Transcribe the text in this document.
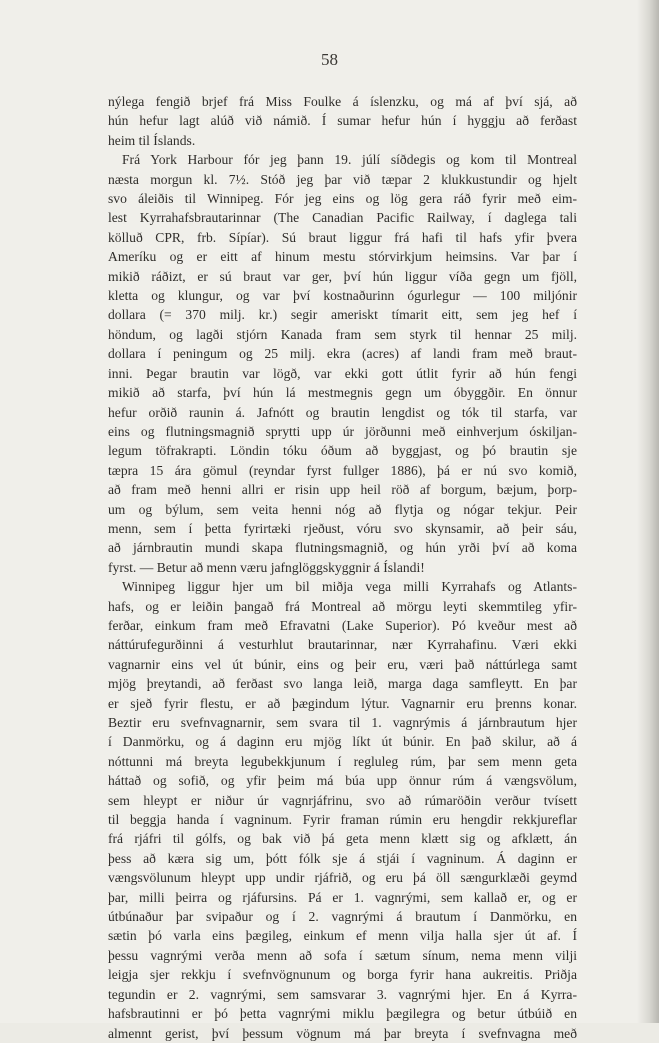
58
nýlega fengið brjef frá Miss Foulke á íslenzku, og má af því sjá, að
hún hefur lagt alúð við námið. Í sumar hefur hún í hyggju að ferðast
heim til Íslands.
Frá York Harbour fór jeg þann 19. júlí síðdegis og kom til Montreal
næsta morgun kl. 7½. Stóð jeg þar við tæpar 2 klukkustundir og hjelt
svo áleiðis til Winnipeg. Fór jeg eins og lög gera ráð fyrir með eim-
lest Kyrrahafsbrautarinnar (The Canadian Pacific Railway, í daglega tali
kölluð CPR, frb. Sípíar). Sú braut liggur frá hafi til hafs yfir þvera
Ameríku og er eitt af hinum mestu stórvirkjum heimsins. Var þar í
mikið ráðizt, er sú braut var ger, því hún liggur víða gegn um fjöll,
kletta og klungur, og var því kostnaðurinn ógurlegur — 100 miljónir
dollara (= 370 milj. kr.) segir ameriskt tímarit eitt, sem jeg hef í
höndum, og lagði stjórn Kanada fram sem styrk til hennar 25 milj.
dollara í peningum og 25 milj. ekra (acres) af landi fram með braut-
inni. Þegar brautin var lögð, var ekki gott útlit fyrir að hún fengi
mikið að starfa, því hún lá mestmegnis gegn um óbyggðir. En önnur
hefur orðið raunin á. Jafnótt og brautin lengdist og tók til starfa, var
eins og flutningsmagnið sprytti upp úr jörðunni með einhverjum óskiljan-
legum töfrakrapti. Löndin tóku óðum að byggjast, og þó brautin sje
tæpra 15 ára gömul (reyndar fyrst fullger 1886), þá er nú svo komið,
að fram með henni allri er risin upp heil röð af borgum, bæjum, þorp-
um og býlum, sem veita henni nóg að flytja og nógar tekjur. Peir
menn, sem í þetta fyrirtæki rjeðust, vóru svo skynsamir, að þeir sáu,
að járnbrautin mundi skapa flutningsmagnið, og hún yrði því að koma
fyrst. — Betur að menn væru jafnglöggskyggnir á Íslandi!
Winnipeg liggur hjer um bil miðja vega milli Kyrrahafs og Atlants-
hafs, og er leiðin þangað frá Montreal að mörgu leyti skemmtileg yfir-
ferðar, einkum fram með Efravatni (Lake Superior). Pó kveður mest að
náttúrufegurðinni á vesturhlut brautarinnar, nær Kyrrahafinu. Væri ekki
vagnarnir eins vel út búnir, eins og þeir eru, væri það náttúrlega samt
mjög þreytandi, að ferðast svo langa leið, marga daga samfleytt. En þar
er sjeð fyrir flestu, er að þægindum lýtur. Vagnarnir eru þrenns konar.
Beztir eru svefnvagnarnir, sem svara til 1. vagnrýmis á járnbrautum hjer
í Danmörku, og á daginn eru mjög líkt út búnir. En það skilur, að á
nóttunni má breyta legubekkjunum í regluleg rúm, þar sem menn geta
háttað og sofið, og yfir þeim má búa upp önnur rúm á vængsvölum,
sem hleypt er niður úr vagnrjáfrinu, svo að rúmaröðin verður tvísett
til beggja handa í vagninum. Fyrir framan rúmin eru hengdir rekkjureflar
frá rjáfri til gólfs, og bak við þá geta menn klætt sig og afklætt, án
þess að kæra sig um, þótt fólk sje á stjái í vagninum. Á daginn er
vængsvölunum hleypt upp undir rjáfrið, og eru þá öll sængurklæði geymd
þar, milli þeirra og rjáfursins. Pá er 1. vagnrými, sem kallað er, og er
útbúnaður þar svipaður og í 2. vagnrými á brautum í Danmörku, en
sætin þó varla eins þægileg, einkum ef menn vilja halla sjer út af. Í
þessu vagnrými verða menn að sofa í sætum sínum, nema menn vilji
leigja sjer rekkju í svefnvögnunum og borga fyrir hana aukreitis. Priðja
tegundin er 2. vagnrými, sem samsvarar 3. vagnrými hjer. En á Kyrra-
hafsbrautinni er þó þetta vagnrými miklu þægilegra og betur útbúið en
almennt gerist, því þessum vögnum má þar breyta í svefnvagna með
